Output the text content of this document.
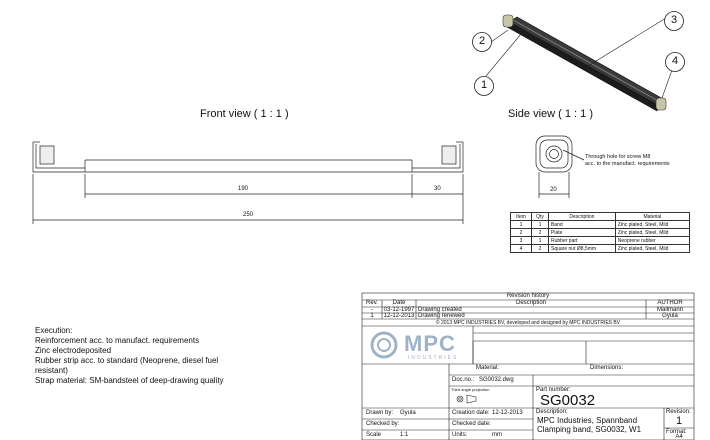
2
1
3
4
Front view ( 1 : 1 )	Side view ( 1 : 1 )
190	30
250
20
Through hole for screw M8
acc. to the manufact. requirements
Item	Qty	Description	Material
1	1	Band	Zinc plated, Steel, Mild
2	2	Plate	Zinc plated, Steel, Mild
3	1	Rubber part	Neoprene rubber
4	2	Square nut Ø8,5mm	Zinc plated, Steel, Mild
Execution:
Reinforcement acc. to manufact. requirements
Zinc electrodeposited
Rubber strip acc. to standard (Neoprene, diesel fuel
resistant)
Strap material: SM-bandsteel of deep-drawing quality
Revision history
Rev.	Date	Description	AUTHOR
-	03-12-1997 Drawing created	Mallmann
1	12-12-2013 Drawing renewed	Gyula
© 2013 MPC INDUSTRIES BV, developed and designed by MPC INDUSTRIES BV
MPC
INDUSTRIES
Material:	Dimensions:
Doc.no.: SG0032.dwg
Third angle projection	Part number:
SG0032
Drawn by: Gyula	Creation date: 12-12-2013
Checked by:	Checked date:
Scale	1:1	Units:	mm
Description:
MPC Industries, Spannband
Clamping band, SG0032, W1
Revision:
1
Format:
A4
